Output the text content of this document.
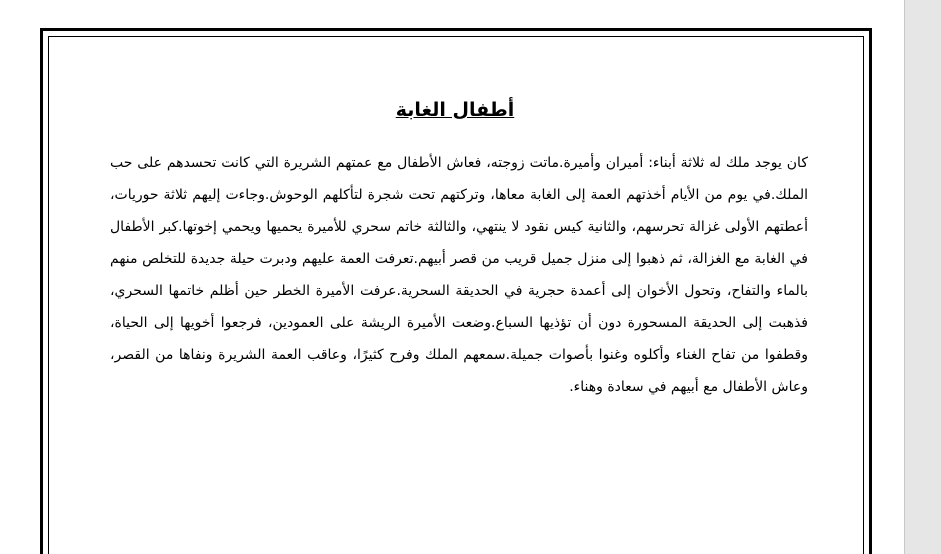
أطفال الغابة

كان يوجد ملك له ثلاثة أبناء: أميران وأميرة.ماتت زوجته، فعاش الأطفال مع عمتهم الشريرة التي كانت تحسدهم على حب الملك.في يوم من الأيام أخذتهم العمة إلى الغابة معاها، وتركتهم تحت شجرة لتأكلهم الوحوش.وجاءت إليهم ثلاثة حوريات، أعطتهم الأولى غزالة تحرسهم، والثانية كيس نقود لا ينتهي، والثالثة خاتم سحري للأميرة يحميها ويحمي إخوتها.كبر الأطفال في الغابة مع الغزالة، ثم ذهبوا إلى منزل جميل قريب من قصر أبيهم.تعرفت العمة عليهم ودبرت حيلة جديدة للتخلص منهم بالماء والتفاح، وتحول الأخوان إلى أعمدة حجرية في الحديقة السحرية.عرفت الأميرة الخطر حين أظلم خاتمها السحري، فذهبت إلى الحديقة المسحورة دون أن تؤذيها السباع.وضعت الأميرة الريشة على العمودين، فرجعوا أخويها إلى الحياة، وقطفوا من تفاح الغناء وأكلوه وغنوا بأصوات جميلة.سمعهم الملك وفرح كثيرًا، وعاقب العمة الشريرة ونفاها من القصر، وعاش الأطفال مع أبيهم في سعادة وهناء.
